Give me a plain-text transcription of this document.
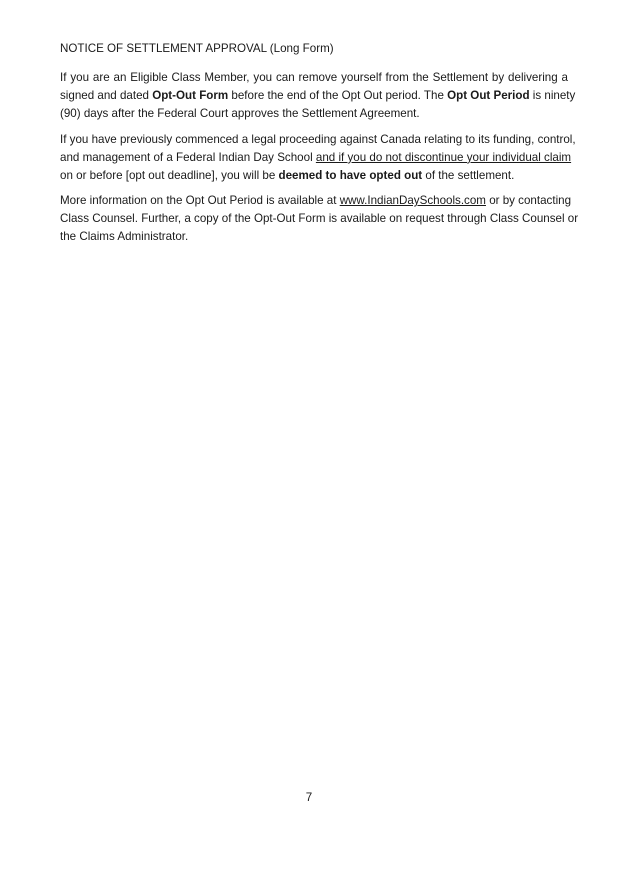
NOTICE OF SETTLEMENT APPROVAL (Long Form)

If you are an Eligible Class Member, you can remove yourself from the Settlement by delivering a
signed and dated Opt-Out Form before the end of the Opt Out period. The Opt Out Period is ninety
(90) days after the Federal Court approves the Settlement Agreement.

If you have previously commenced a legal proceeding against Canada relating to its funding, control,
and management of a Federal Indian Day School and if you do not discontinue your individual claim
on or before [opt out deadline], you will be deemed to have opted out of the settlement.

More information on the Opt Out Period is available at www.IndianDaySchools.com or by contacting
Class Counsel. Further, a copy of the Opt-Out Form is available on request through Class Counsel or
the Claims Administrator.

7
